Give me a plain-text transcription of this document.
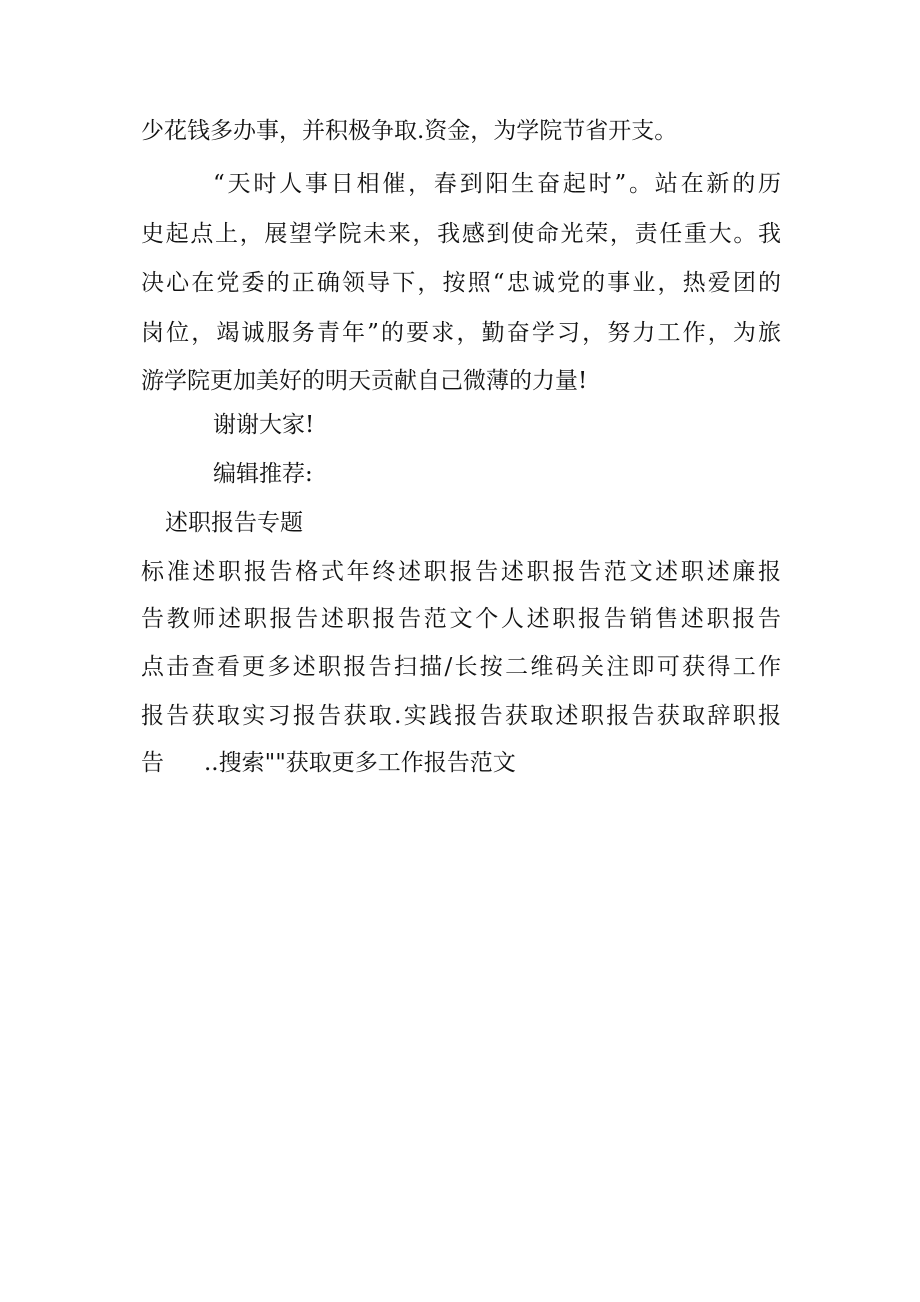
少花钱多办事，并积极争取.资金，为学院节省开支。
“天时人事日相催，春到阳生奋起时”。站在新的历
史起点上，展望学院未来，我感到使命光荣，责任重大。我
决心在党委的正确领导下，按照“忠诚党的事业，热爱团的
岗位，竭诚服务青年”的要求，勤奋学习，努力工作，为旅
游学院更加美好的明天贡献自己微薄的力量!
谢谢大家!
编辑推荐:
述职报告专题
标准述职报告格式年终述职报告述职报告范文述职述廉报
告教师述职报告述职报告范文个人述职报告销售述职报告
点击查看更多述职报告扫描/长按二维码关注即可获得工作
报告获取实习报告获取.实践报告获取述职报告获取辞职报
告 ..搜索""获取更多工作报告范文
